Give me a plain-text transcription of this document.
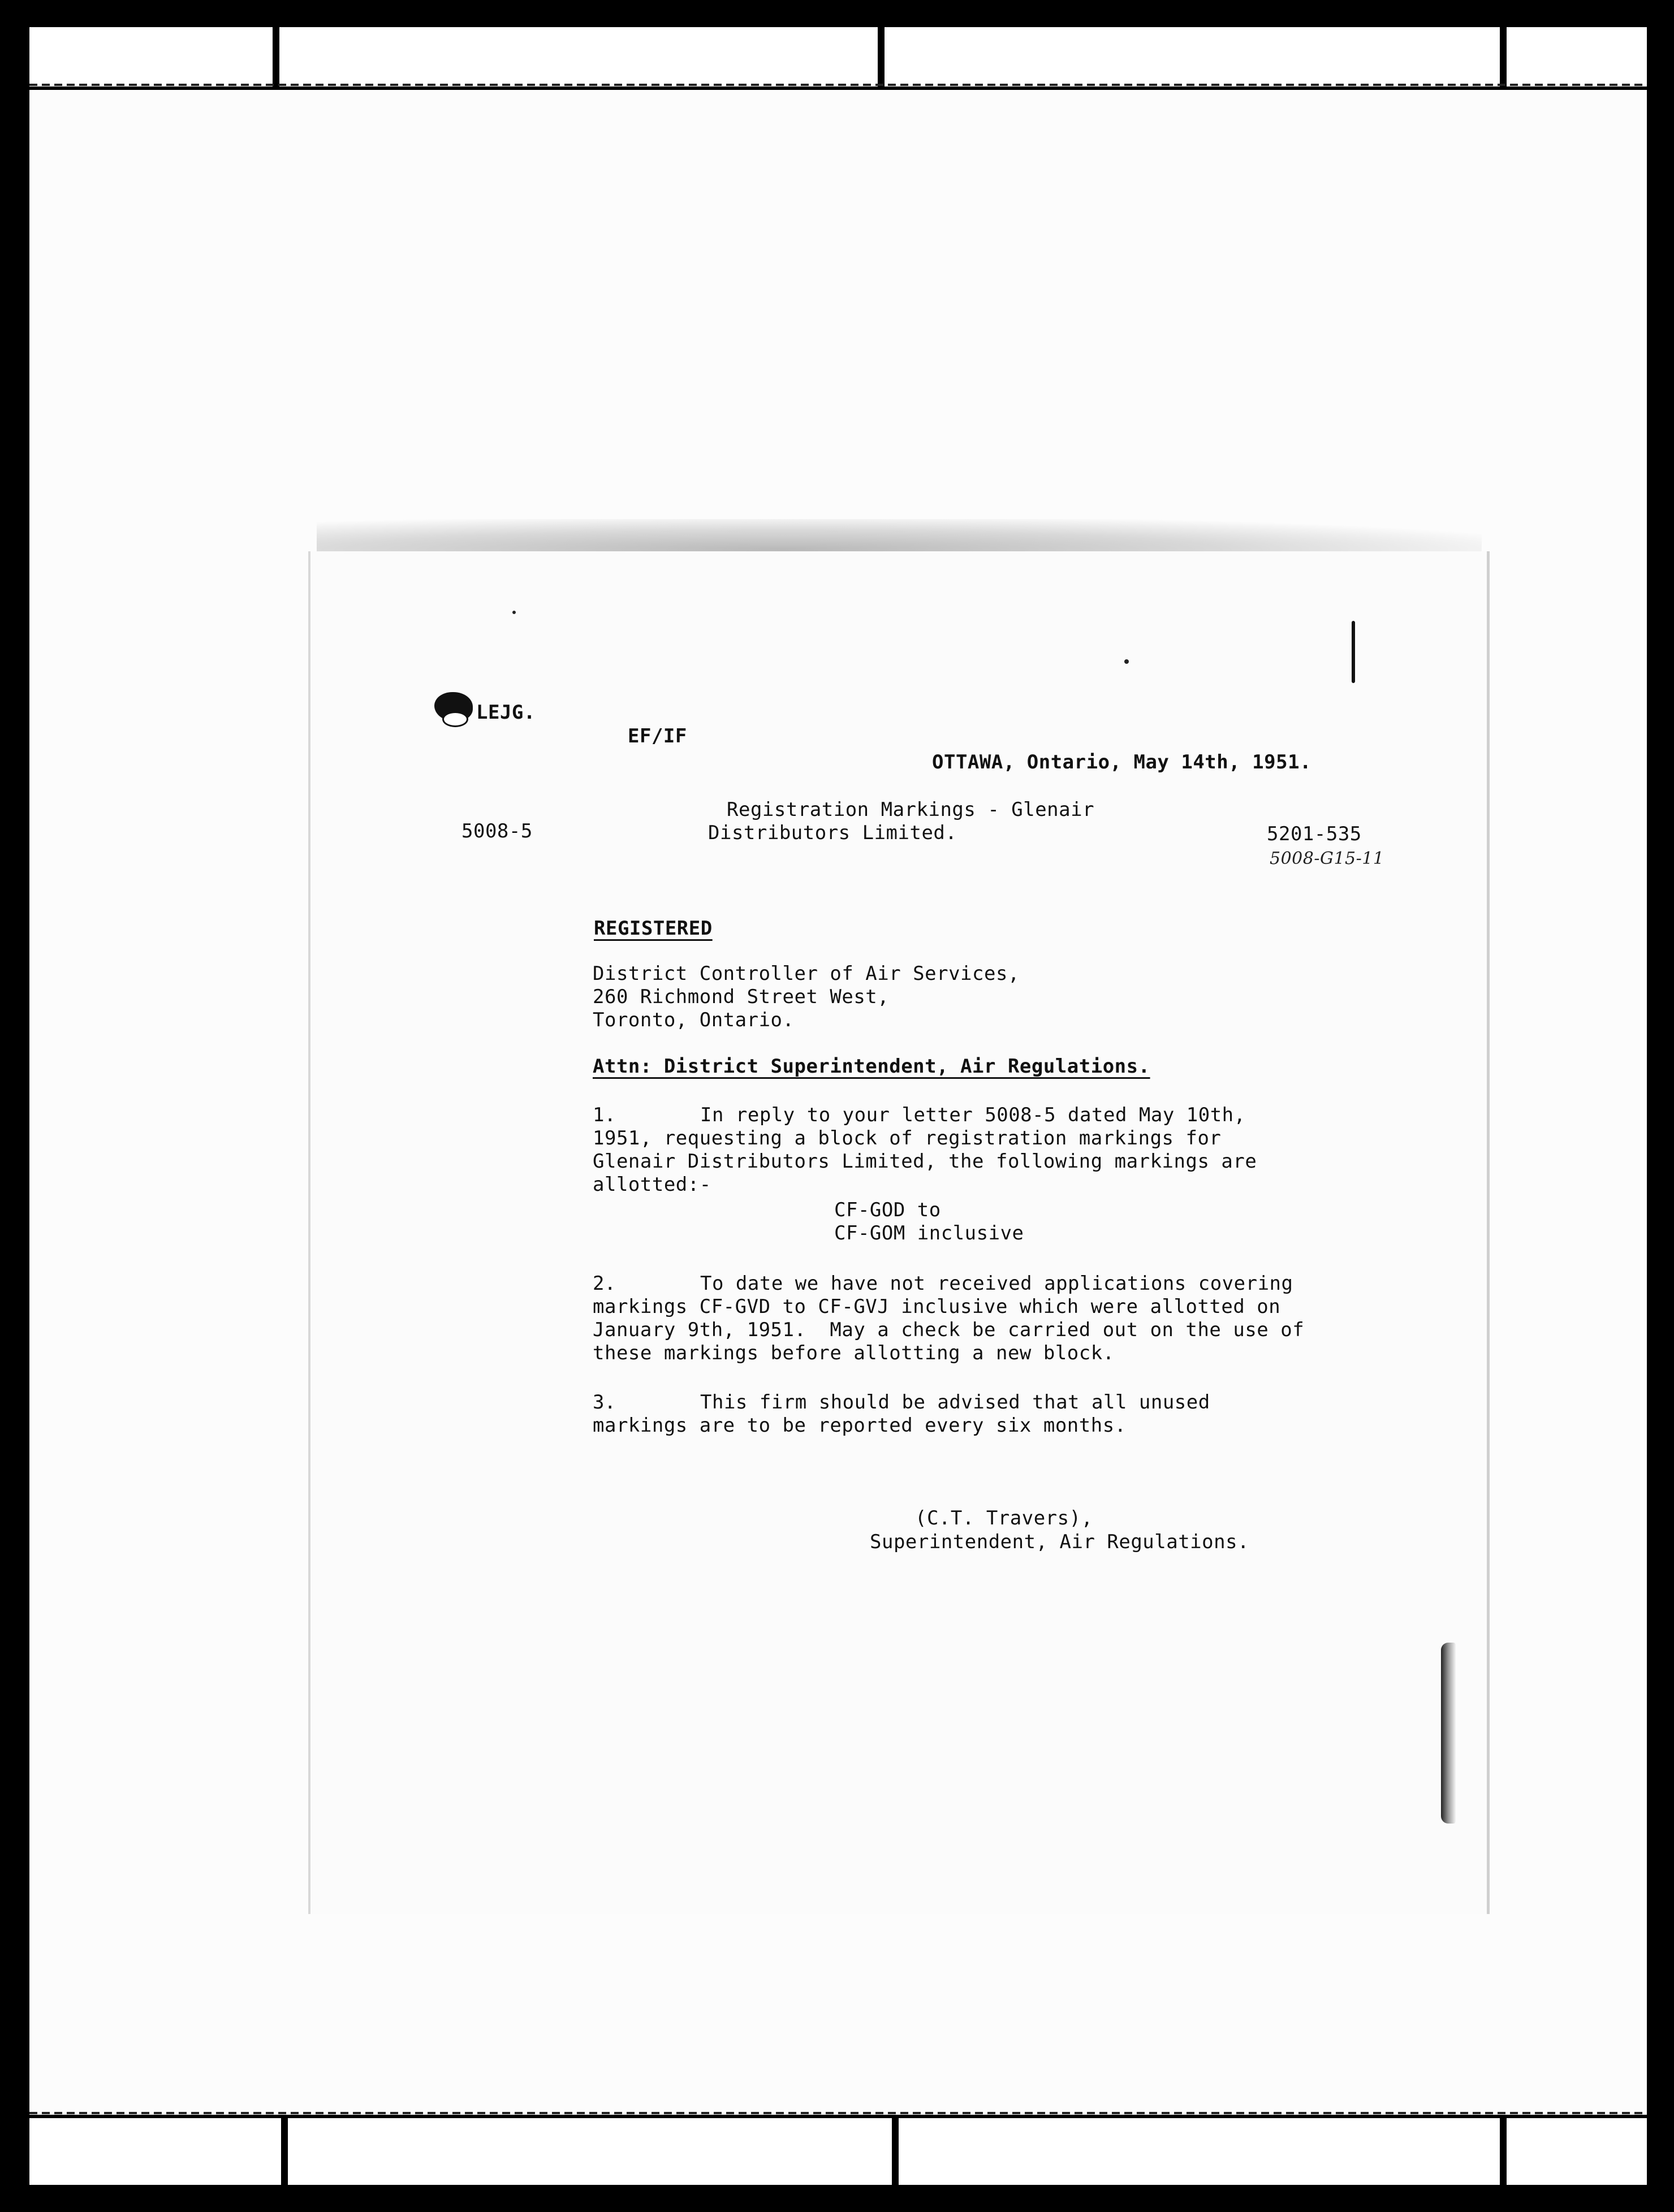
LEJG.
EF/IF
OTTAWA, Ontario, May 14th, 1951.
5008-5
Registration Markings - Glenair
Distributors Limited.	5201-535
5008-G15-11
REGISTERED
District Controller of Air Services,
260 Richmond Street West,
Toronto, Ontario.
Attn: District Superintendent, Air Regulations.
1.	In reply to your letter 5008-5 dated May 10th,
1951, requesting a block of registration markings for
Glenair Distributors Limited, the following markings are
allotted:-
CF-GOD to
CF-GOM inclusive
2.	To date we have not received applications covering
markings CF-GVD to CF-GVJ inclusive which were allotted on
January 9th, 1951.  May a check be carried out on the use of
these markings before allotting a new block.
3.	This firm should be advised that all unused
markings are to be reported every six months.
(C.T. Travers),
Superintendent, Air Regulations.
